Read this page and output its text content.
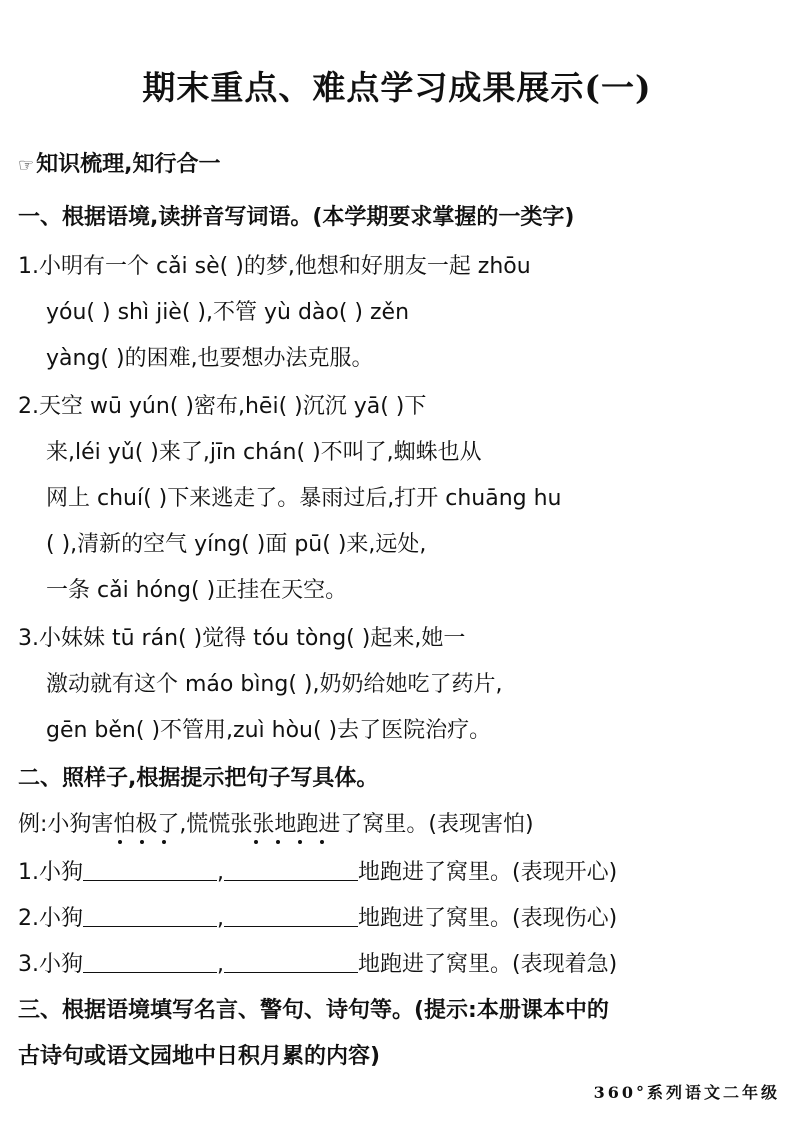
期末重点、难点学习成果展示(一)
☞知识梳理,知行合一
一、根据语境,读拼音写词语。(本学期要求掌握的一类字)
1.小明有一个 cǎi sè( )的梦,他想和好朋友一起 zhōu
yóu( ) shì jiè( ),不管 yù dào( ) zěn
yàng( )的困难,也要想办法克服。
2.天空 wū yún( )密布,hēi( )沉沉 yā( )下
来,léi yǔ( )来了,jīn chán( )不叫了,蜘蛛也从
网上 chuí( )下来逃走了。暴雨过后,打开 chuāng hu
( ),清新的空气 yíng( )面 pū( )来,远处,
一条 cǎi hóng( )正挂在天空。
3.小妹妹 tū rán( )觉得 tóu tòng( )起来,她一
激动就有这个 máo bìng( ),奶奶给她吃了药片,
gēn běn( )不管用,zuì hòu( )去了医院治疗。
二、照样子,根据提示把句子写具体。
例:小狗害怕极了,慌慌张张地跑进了窝里。(表现害怕)
1.小狗	,	地跑进了窝里。(表现开心)
2.小狗	,	地跑进了窝里。(表现伤心)
3.小狗	,	地跑进了窝里。(表现着急)
三、根据语境填写名言、警句、诗句等。(提示:本册课本中的
古诗句或语文园地中日积月累的内容)
360°系列语文二年级
